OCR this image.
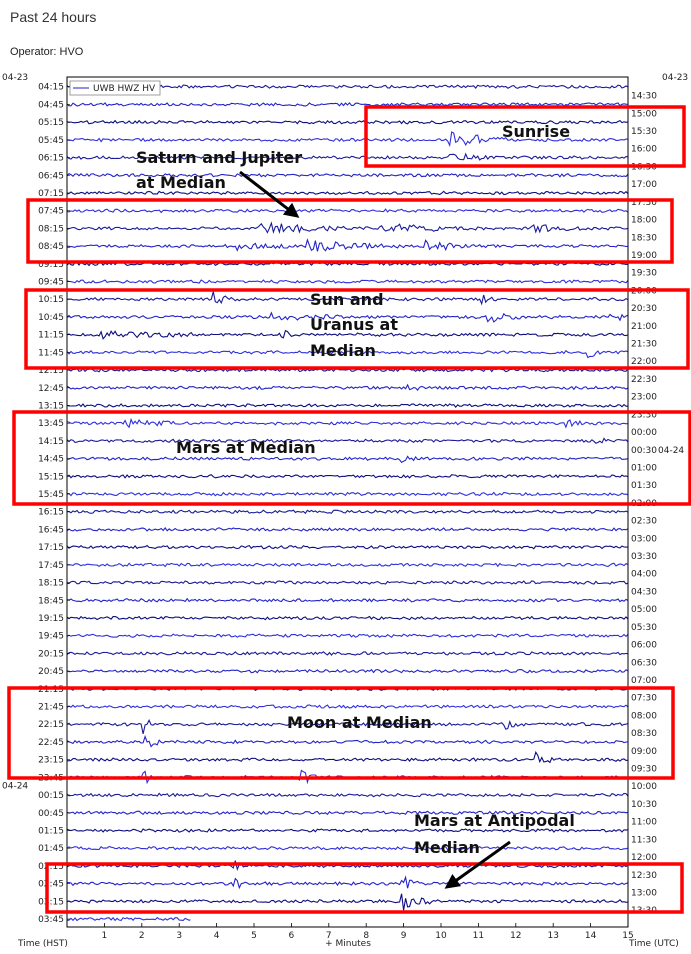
Past 24 hours
Operator: HVO
04:15
04:45
05:15
05:45
06:15
06:45
07:15
07:45
08:15
08:45
09:15
09:45
10:15
10:45
11:15
11:45
12:15
12:45
13:15
13:45
14:15
14:45
15:15
15:45
16:15
16:45
17:15
17:45
18:15
18:45
19:15
19:45
20:15
20:45
21:15
21:45
22:15
22:45
23:15
23:45
00:15
00:45
01:15
01:45
02:15
02:45
03:15
03:45
04-23
04-24
Time (HST)
14:30
15:00
15:30
16:00
16:30
17:00
17:30
18:00
18:30
19:00
19:30
20:00
20:30
21:00
21:30
22:00
22:30
23:00
23:30
00:00
00:30
01:00
01:30
02:00
02:30
03:00
03:30
04:00
04:30
05:00
05:30
06:00
06:30
07:00
07:30
08:00
08:30
09:00
09:30
10:00
10:30
11:00
11:30
12:00
12:30
13:00
13:30
04-23
04-24
Time (UTC)
1	2	3	4	5	6	7	8	9	10	11	12	13	14	15
+ Minutes
UWB HWZ HV
Sunrise
Saturn and Jupiter
at Median
Sun and
Uranus at
Median
Mars at Median
Moon at Median
Mars at Antipodal
Median
